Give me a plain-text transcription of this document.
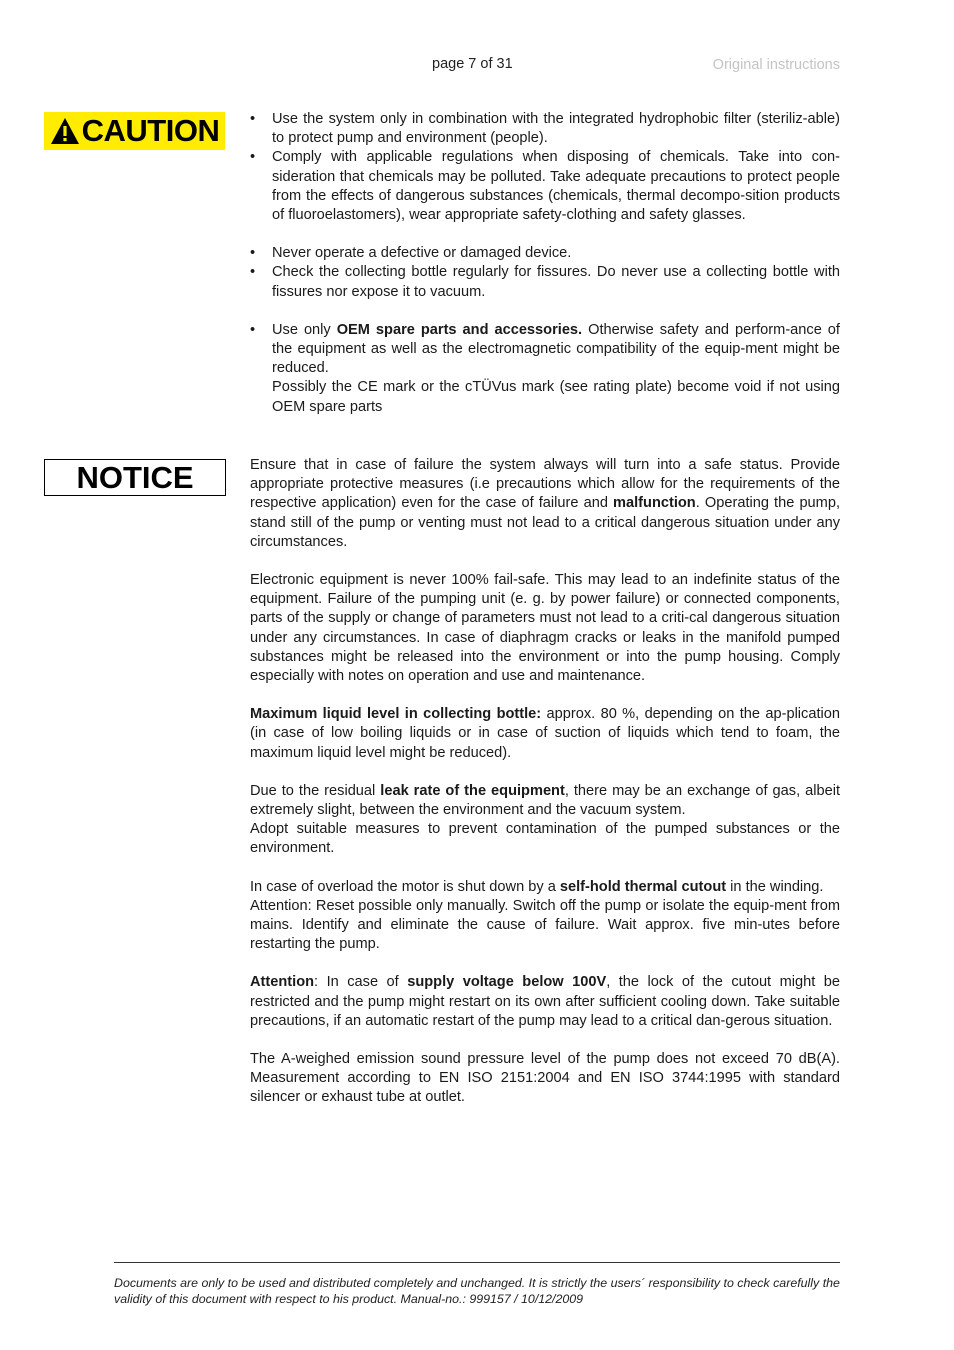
page 7 of 31	Original instructions
CAUTION • Use the system only in combination with the integrated hydrophobic filter (steriliz-able) to protect pump and environment (people).
• Comply with applicable regulations when disposing of chemicals. Take into con-sideration that chemicals may be polluted. Take adequate precautions to protect people from the effects of dangerous substances (chemicals, thermal decompo-sition products of fluoroelastomers), wear appropriate safety-clothing and safety glasses.
• Never operate a defective or damaged device.
• Check the collecting bottle regularly for fissures. Do never use a collecting bottle with fissures nor expose it to vacuum.
• Use only OEM spare parts and accessories. Otherwise safety and perform-ance of the equipment as well as the electromagnetic compatibility of the equip-ment might be reduced.
Possibly the CE mark or the cTÜVus mark (see rating plate) become void if not using OEM spare parts
NOTICE	Ensure that in case of failure the system always will turn into a safe status. Provide appropriate protective measures (i.e precautions which allow for the requirements of the respective application) even for the case of failure and malfunction. Operating the pump, stand still of the pump or venting must not lead to a critical dangerous situation under any circumstances.

Electronic equipment is never 100% fail-safe. This may lead to an indefinite status of the equipment. Failure of the pumping unit (e. g. by power failure) or connected components, parts of the supply or change of parameters must not lead to a criti-cal dangerous situation under any circumstances. In case of diaphragm cracks or leaks in the manifold pumped substances might be released into the environment or into the pump housing. Comply especially with notes on operation and use and maintenance.

Maximum liquid level in collecting bottle: approx. 80 %, depending on the ap-plication (in case of low boiling liquids or in case of suction of liquids which tend to foam, the maximum liquid level might be reduced).

Due to the residual leak rate of the equipment, there may be an exchange of gas, albeit extremely slight, between the environment and the vacuum system.
Adopt suitable measures to prevent contamination of the pumped substances or the environment.

In case of overload the motor is shut down by a self-hold thermal cutout in the winding.
Attention: Reset possible only manually. Switch off the pump or isolate the equip-ment from mains. Identify and eliminate the cause of failure. Wait approx. five min-utes before restarting the pump.

Attention: In case of supply voltage below 100V, the lock of the cutout might be restricted and the pump might restart on its own after sufficient cooling down. Take suitable precautions, if an automatic restart of the pump may lead to a critical dan-gerous situation.

The A-weighed emission sound pressure level of the pump does not exceed 70 dB(A). Measurement according to EN ISO 2151:2004 and EN ISO 3744:1995 with standard silencer or exhaust tube at outlet.

Documents are only to be used and distributed completely and unchanged. It is strictly the users´ responsibility to check carefully the validity of this document with respect to his product. Manual-no.: 999157 / 10/12/2009
